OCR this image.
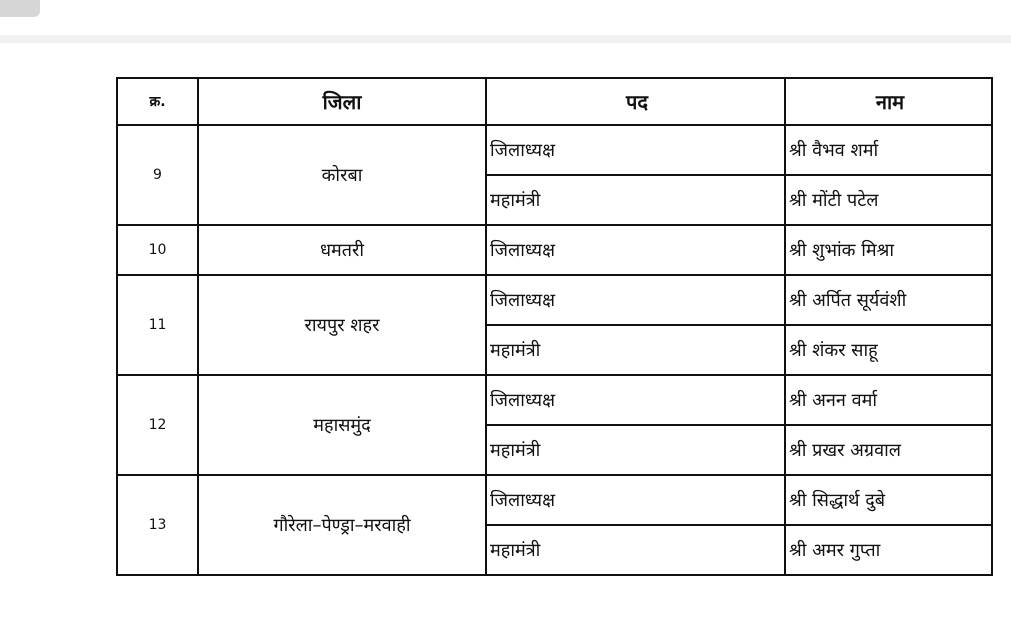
क्र.	जिला	पद	नाम
9	कोरबा	जिलाध्यक्ष	श्री वैभव शर्मा
		महामंत्री	श्री मोंटी पटेल
10	धमतरी	जिलाध्यक्ष	श्री शुभांक मिश्रा
11	रायपुर शहर	जिलाध्यक्ष	श्री अर्पित सूर्यवंशी
		महामंत्री	श्री शंकर साहू
12	महासमुंद	जिलाध्यक्ष	श्री अनन वर्मा
		महामंत्री	श्री प्रखर अग्रवाल
13	गौरेला–पेण्ड्रा–मरवाही	जिलाध्यक्ष	श्री सिद्धार्थ दुबे
		महामंत्री	श्री अमर गुप्ता
